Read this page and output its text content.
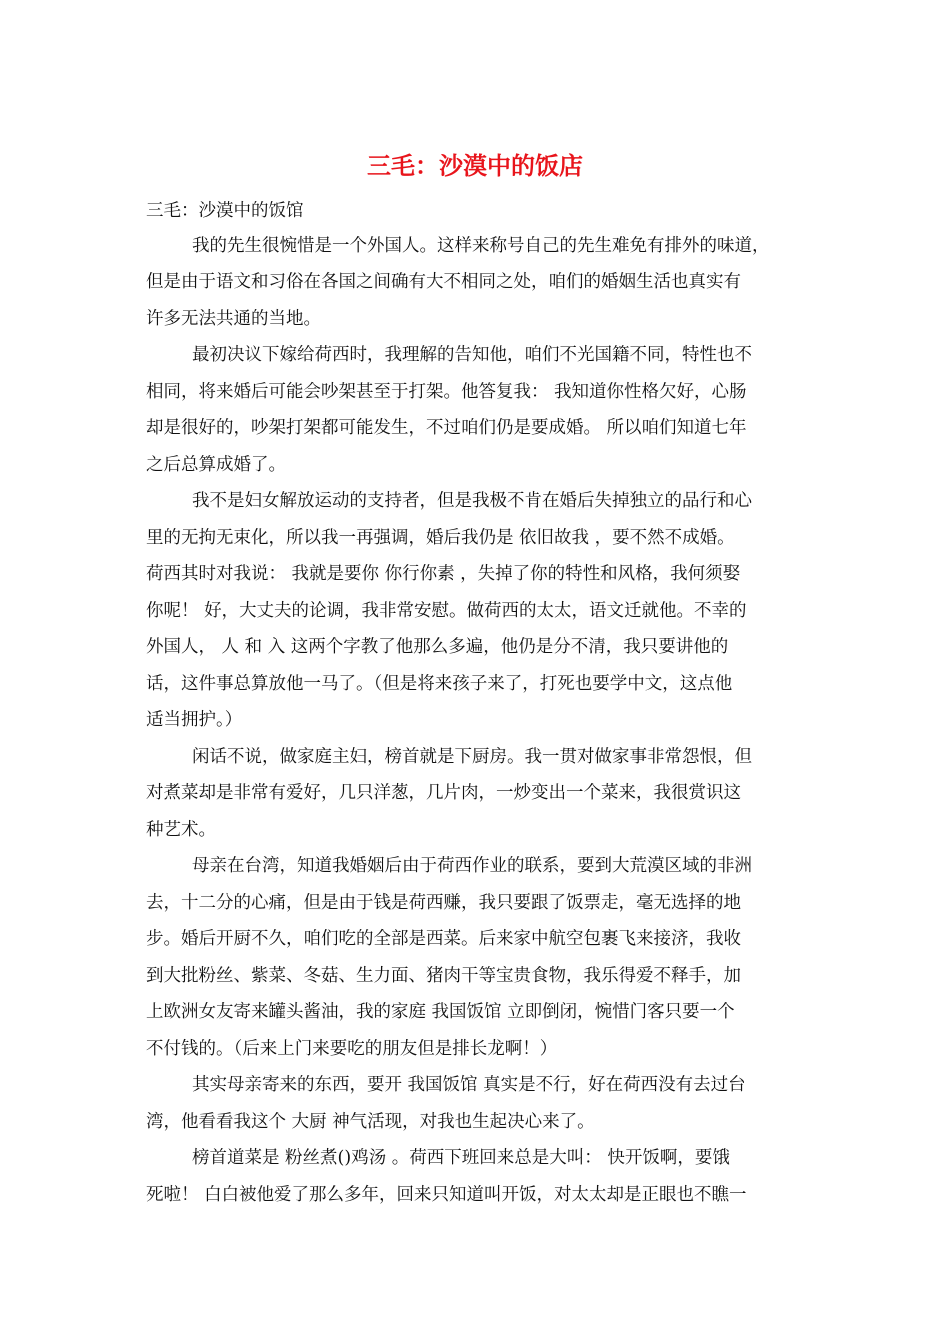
三毛：沙漠中的饭店

三毛：沙漠中的饭馆

我的先生很惋惜是一个外国人。这样来称号自己的先生难免有排外的味道，

但是由于语文和习俗在各国之间确有大不相同之处，咱们的婚姻生活也真实有

许多无法共通的当地。

最初决议下嫁给荷西时，我理解的告知他，咱们不光国籍不同，特性也不

相同，将来婚后可能会吵架甚至于打架。他答复我： 我知道你性格欠好，心肠

却是很好的，吵架打架都可能发生，不过咱们仍是要成婚。 所以咱们知道七年

之后总算成婚了。

我不是妇女解放运动的支持者，但是我极不肯在婚后失掉独立的品行和心

里的无拘无束化，所以我一再强调，婚后我仍是 依旧故我 ，要不然不成婚。

荷西其时对我说： 我就是要你 你行你素 ，失掉了你的特性和风格，我何须娶

你呢！ 好，大丈夫的论调，我非常安慰。做荷西的太太，语文迁就他。不幸的

外国人， 人 和 入 这两个字教了他那么多遍，他仍是分不清，我只要讲他的

话，这件事总算放他一马了。（但是将来孩子来了，打死也要学中文，这点他

适当拥护。）

闲话不说，做家庭主妇，榜首就是下厨房。我一贯对做家事非常怨恨，但

对煮菜却是非常有爱好，几只洋葱，几片肉，一炒变出一个菜来，我很赏识这

种艺术。

母亲在台湾，知道我婚姻后由于荷西作业的联系，要到大荒漠区域的非洲

去，十二分的心痛，但是由于钱是荷西赚，我只要跟了饭票走，毫无选择的地

步。婚后开厨不久，咱们吃的全部是西菜。后来家中航空包裹飞来接济，我收

到大批粉丝、紫菜、冬菇、生力面、猪肉干等宝贵食物，我乐得爱不释手，加

上欧洲女友寄来罐头酱油，我的家庭 我国饭馆 立即倒闭，惋惜门客只要一个

不付钱的。（后来上门来要吃的朋友但是排长龙啊！）

其实母亲寄来的东西，要开 我国饭馆 真实是不行，好在荷西没有去过台

湾，他看看我这个 大厨 神气活现，对我也生起决心来了。

榜首道菜是 粉丝煮()鸡汤 。荷西下班回来总是大叫： 快开饭啊，要饿

死啦！ 白白被他爱了那么多年，回来只知道叫开饭，对太太却是正眼也不瞧一
